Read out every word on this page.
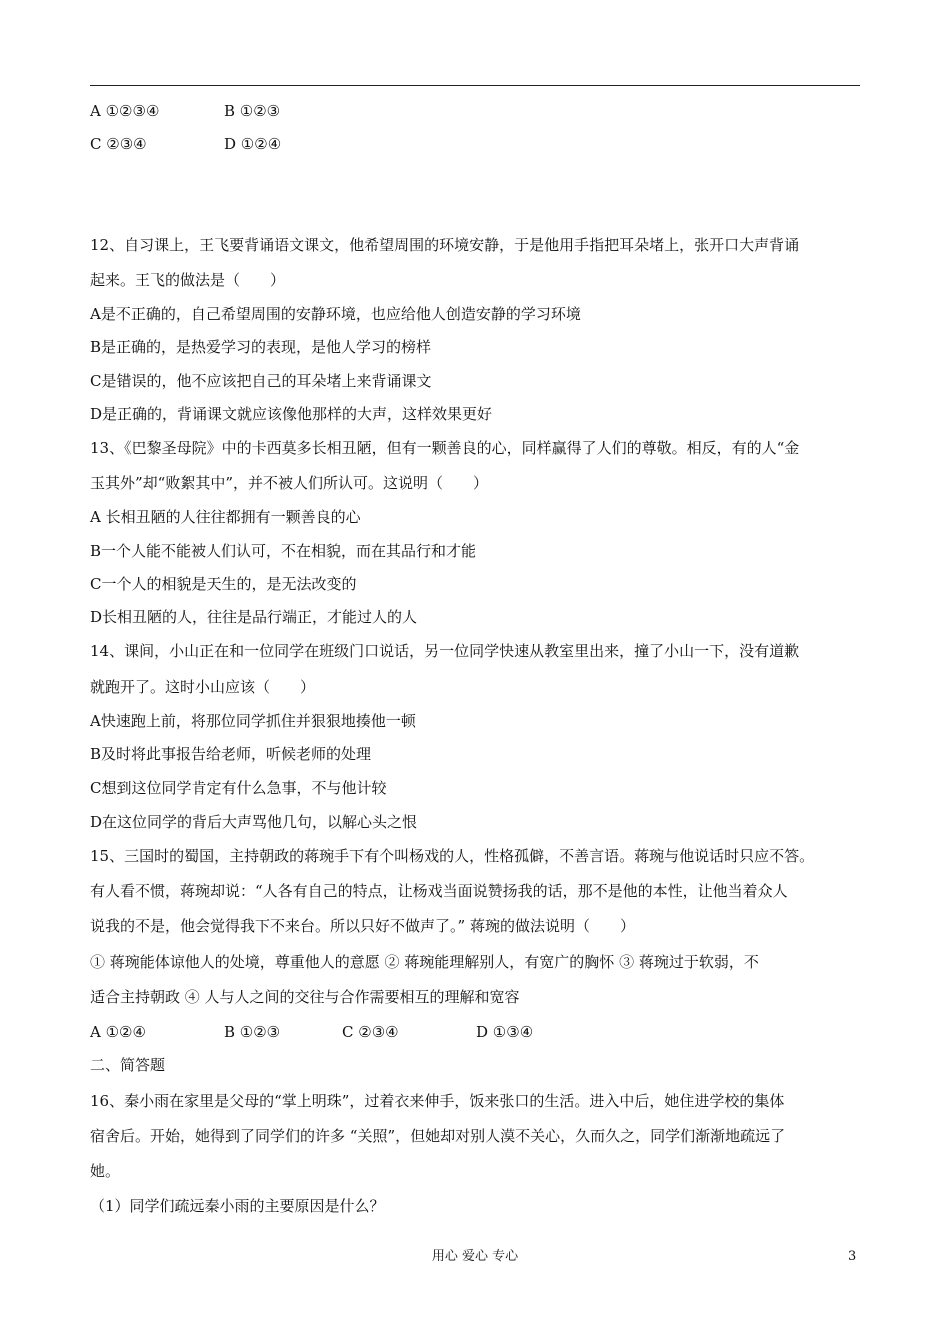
A ①②③④	B ①②③
C ②③④	D ①②④
12、自习课上，王飞要背诵语文课文，他希望周围的环境安静，于是他用手指把耳朵堵上，张开口大声背诵
起来。王飞的做法是（　　）
A是不正确的，自己希望周围的安静环境，也应给他人创造安静的学习环境
B是正确的，是热爱学习的表现，是他人学习的榜样
C是错误的，他不应该把自己的耳朵堵上来背诵课文
D是正确的，背诵课文就应该像他那样的大声，这样效果更好
13、《巴黎圣母院》中的卡西莫多长相丑陋，但有一颗善良的心，同样赢得了人们的尊敬。相反，有的人“金
玉其外”却“败絮其中”，并不被人们所认可。这说明（　　）
A 长相丑陋的人往往都拥有一颗善良的心
B一个人能不能被人们认可，不在相貌，而在其品行和才能
C一个人的相貌是天生的，是无法改变的
D长相丑陋的人，往往是品行端正，才能过人的人
14、课间，小山正在和一位同学在班级门口说话，另一位同学快速从教室里出来，撞了小山一下，没有道歉
就跑开了。这时小山应该（　　）
A快速跑上前，将那位同学抓住并狠狠地揍他一顿
B及时将此事报告给老师，听候老师的处理
C想到这位同学肯定有什么急事，不与他计较
D在这位同学的背后大声骂他几句，以解心头之恨
15、三国时的蜀国，主持朝政的蒋琬手下有个叫杨戏的人，性格孤僻，不善言语。蒋琬与他说话时只应不答。
有人看不惯，蒋琬却说：“人各有自己的特点，让杨戏当面说赞扬我的话，那不是他的本性，让他当着众人
说我的不是，他会觉得我下不来台。所以只好不做声了。” 蒋琬的做法说明（　　）
① 蒋琬能体谅他人的处境，尊重他人的意愿 ② 蒋琬能理解别人，有宽广的胸怀 ③ 蒋琬过于软弱，不
适合主持朝政 ④ 人与人之间的交往与合作需要相互的理解和宽容
A ①②④	B ①②③	C ②③④	D ①③④
二、简答题
16、秦小雨在家里是父母的“掌上明珠”，过着衣来伸手，饭来张口的生活。进入中后，她住进学校的集体
宿舍后。开始，她得到了同学们的许多 “关照”，但她却对别人漠不关心，久而久之，同学们渐渐地疏远了
她。
（1）同学们疏远秦小雨的主要原因是什么？
用心 爱心 专心	3
